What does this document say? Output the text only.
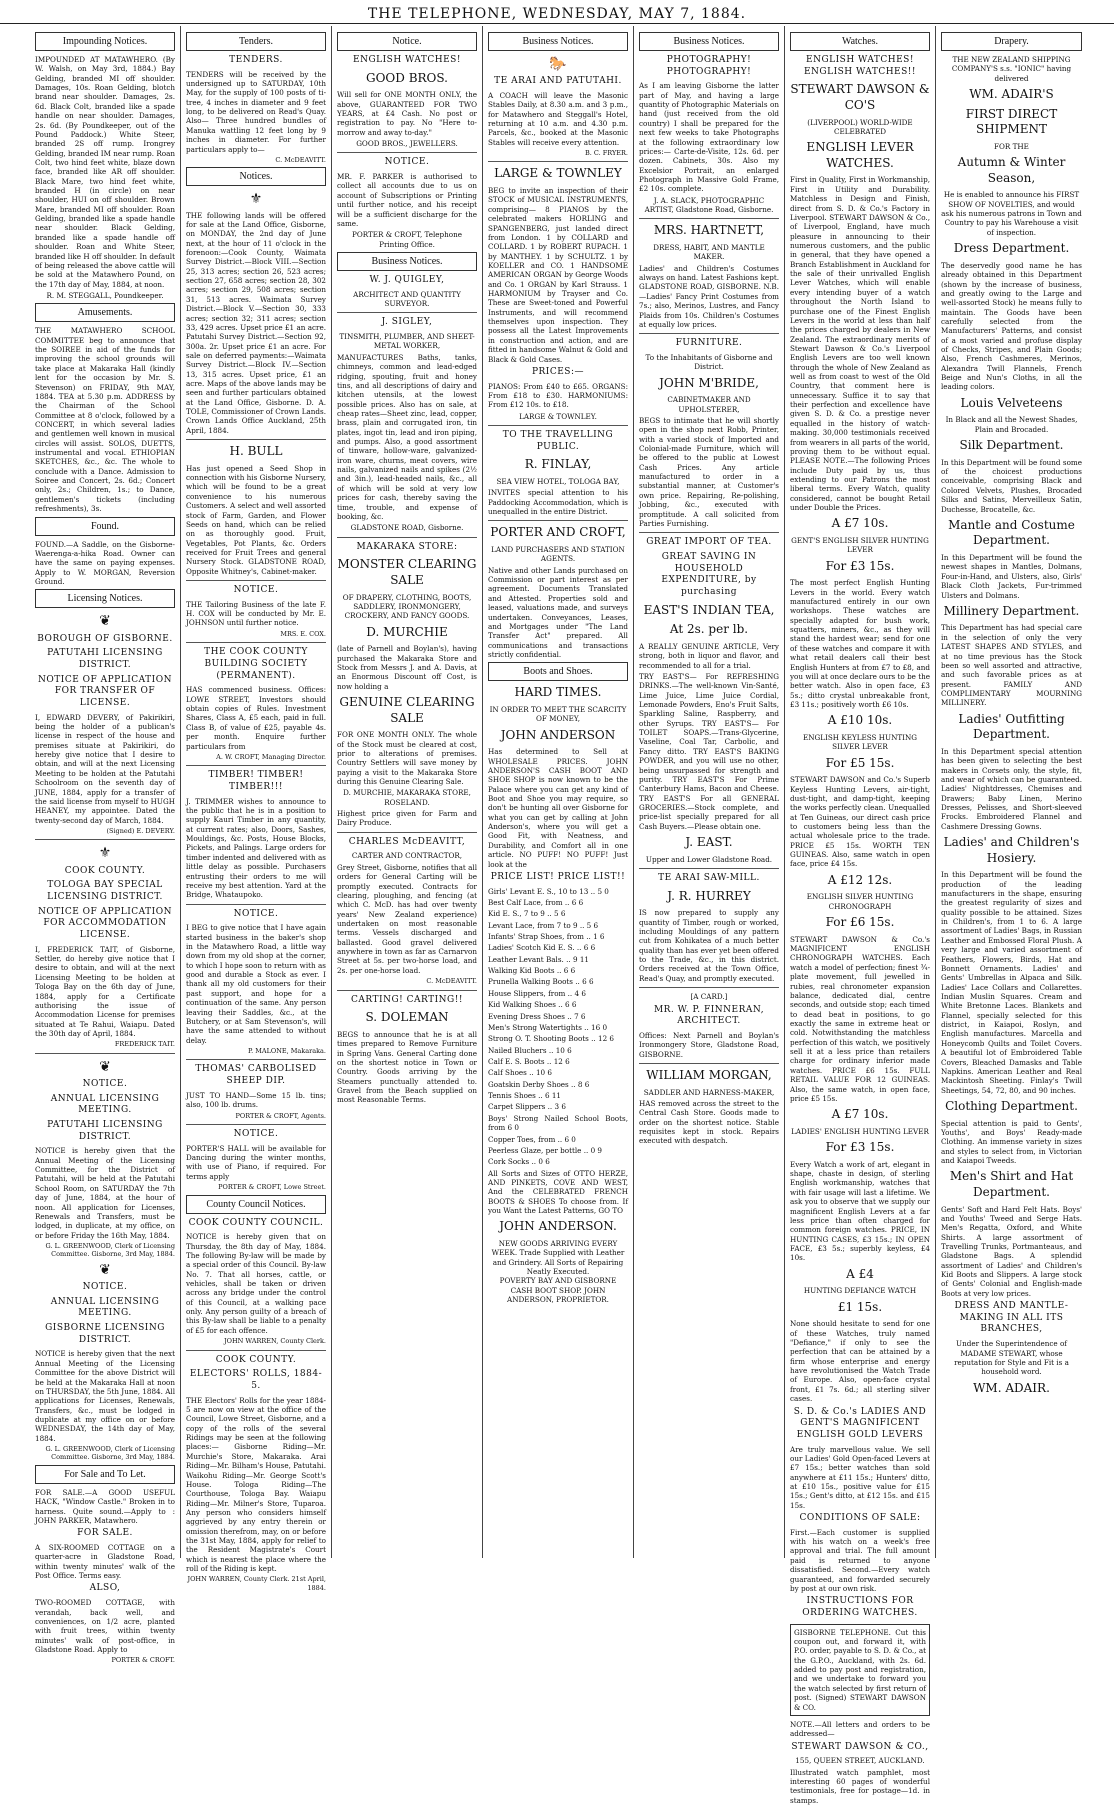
THE TELEPHONE, WEDNESDAY, MAY 7, 1884.
Impounding Notices.
IMPOUNDED AT MATAWHERO. (By W. Walsh, on May 3rd, 1884.) Bay Gelding, branded MI off shoulder. Damages, 10s. Roan Gelding, blotch brand near shoulder. Damages, 2s. 6d. Black Colt, branded like a spade handle on near shoulder. Damages, 2s. 6d. (By Poundkeeper, out of the Pound Paddock.) White Steer, branded 2S off rump. Irongrey Gelding, branded IM near rump. Roan Colt, two hind feet white, blaze down face, branded like AR off shoulder. Black Mare, two hind feet white, branded H (in circle) on near shoulder, HUI on off shoulder. Brown Mare, branded MI off shoulder. Roan Gelding, branded like a spade handle near shoulder. Black Gelding, branded like a spade handle off shoulder. Roan and White Steer, branded like H off shoulder. In default of being released the above cattle will be sold at the Matawhero Pound, on the 17th day of May, 1884, at noon.
R. M. STEGGALL, Poundkeeper.
Amusements.
THE MATAWHERO SCHOOL COMMITTEE beg to announce that the SOIREE in aid of the funds for improving the school grounds will take place at Makaraka Hall (kindly lent for the occasion by Mr. S. Stevenson) on FRIDAY, 9th MAY, 1884. TEA at 5.30 p.m. ADDRESS by the Chairman of the School Committee at 8 o'clock, followed by a CONCERT, in which several ladies and gentlemen well known in musical circles will assist. SOLOS, DUETTS, instrumental and vocal. ETHIOPIAN SKETCHES, &c., &c. The whole to conclude with a Dance. Admission to Soiree and Concert, 2s. 6d.; Concert only, 2s.; Children, 1s.; to Dance, gentlemen's tickets (including refreshments), 3s.
Found.
FOUND.—A Saddle, on the Gisborne-Waerenga-a-hika Road. Owner can have the same on paying expenses. Apply to W. MORGAN, Reversion Ground.
Licensing Notices.
❦
BOROUGH OF GISBORNE.
PATUTAHI LICENSING DISTRICT.
NOTICE OF APPLICATION FOR TRANSFER OF LICENSE.
I, EDWARD DEVERY, of Pakirikiri, being the holder of a publican's license in respect of the house and premises situate at Pakirikiri, do hereby give notice that I desire to obtain, and will at the next Licensing Meeting to be holden at the Patutahi Schoolroom on the seventh day of JUNE, 1884, apply for a transfer of the said license from myself to HUGH HEANEY, my appointee. Dated the twenty-second day of March, 1884.
(Signed) E. DEVERY.
⚜
COOK COUNTY.
TOLOGA BAY SPECIAL LICENSING DISTRICT.
NOTICE OF APPLICATION FOR ACCOMMODATION LICENSE.
I, FREDERICK TAIT, of Gisborne, Settler, do hereby give notice that I desire to obtain, and will at the next Licensing Meeting to be holden at Tologa Bay on the 6th day of June, 1884, apply for a Certificate authorising the issue of Accommodation License for premises situated at Te Rahui, Waiapu. Dated the 30th day of April, 1884.
FREDERICK TAIT.
❦
NOTICE.
ANNUAL LICENSING MEETING.
PATUTAHI LICENSING DISTRICT.
NOTICE is hereby given that the Annual Meeting of the Licensing Committee, for the District of Patutahi, will be held at the Patutahi School Room, on SATURDAY the 7th day of June, 1884, at the hour of noon. All application for Licenses, Renewals and Transfers, must be lodged, in duplicate, at my office, on or before Friday the 16th May, 1884.
G. L. GREENWOOD, Clerk of Licensing Committee. Gisborne, 3rd May, 1884.
❦
NOTICE.
ANNUAL LICENSING MEETING.
GISBORNE LICENSING DISTRICT.
NOTICE is hereby given that the next Annual Meeting of the Licensing Committee for the above District will be held at the Makaraka Hall at noon on THURSDAY, the 5th June, 1884. All applications for Licenses, Renewals, Transfers, &c., must be lodged in duplicate at my office on or before WEDNESDAY, the 14th day of May, 1884.
G. L. GREENWOOD, Clerk of Licensing Committee. Gisborne, 3rd May, 1884.
For Sale and To Let.
FOR SALE.—A GOOD USEFUL HACK, "Window Castle." Broken in to harness. Quite sound.—Apply to : JOHN PARKER, Matawhero.
FOR SALE.
A SIX-ROOMED COTTAGE on a quarter-acre in Gladstone Road, within twenty minutes' walk of the Post Office. Terms easy.
ALSO,
TWO-ROOMED COTTAGE, with verandah, back well, and conveniences, on 1/2 acre, planted with fruit trees, within twenty minutes' walk of post-office, in Gladstone Road. Apply to
PORTER & CROFT.
Tenders.
TENDERS.
TENDERS will be received by the undersigned up to SATURDAY, 10th May, for the supply of 100 posts of ti-tree, 4 inches in diameter and 9 feet long, to be delivered on Read's Quay. Also— Three hundred bundles of Manuka wattling 12 feet long by 9 inches in diameter. For further particulars apply to—
C. McDEAVITT.
Notices.
⚜
THE following lands will be offered for sale at the Land Office, Gisborne, on MONDAY, the 2nd day of June next, at the hour of 11 o'clock in the forenoon:—Cook County, Waimata Survey District.—Block VIII.—Section 25, 313 acres; section 26, 523 acres; section 27, 658 acres; section 28, 302 acres; section 29, 508 acres; section 31, 513 acres. Waimata Survey District.—Block V.—Section 30, 333 acres; section 32; 311 acres; section 33, 429 acres. Upset price £1 an acre. Patutahi Survey District.—Section 92, 300a. 2r. Upset price £1 an acre. For sale on deferred payments:—Waimata Survey District.—Block IV.—Section 13, 315 acres. Upset price, £1 an acre. Maps of the above lands may be seen and further particulars obtained at the Land Office, Gisborne. D. A. TOLE, Commissioner of Crown Lands. Crown Lands Office Auckland, 25th April, 1884.
H. BULL
Has just opened a Seed Shop in connection with his Gisborne Nursery, which will be found to be a great convenience to his numerous Customers. A select and well assorted stock of Farm, Garden, and Flower Seeds on hand, which can be relied on as thoroughly good. Fruit, Vegetables, Pot Plants, &c. Orders received for Fruit Trees and general Nursery Stock. GLADSTONE ROAD, Opposite Whitney's, Cabinet-maker.
NOTICE.
THE Tailoring Business of the late F. H. COX will be conducted by Mr. E. JOHNSON until further notice.
MRS. E. COX.
THE COOK COUNTY BUILDING SOCIETY (PERMANENT).
HAS commenced business. Offices: LOWE STREET, Investors should obtain copies of Rules. Investment Shares, Class A, £5 each, paid in full. Class B, of value of £25, payable 4s. per month. Enquire further particulars from
A. W. CROFT, Managing Director.
TIMBER! TIMBER! TIMBER!!!
J. TRIMMER wishes to announce to the public that he is in a position to supply Kauri Timber in any quantity, at current rates; also, Doors, Sashes, Mouldings, &c. Posts, House Blocks, Pickets, and Palings. Large orders for timber indented and delivered with as little delay as possible. Purchasers entrusting their orders to me will receive my best attention. Yard at the Bridge, Whataupoko.
NOTICE.
I BEG to give notice that I have again started business in the baker's shop in the Matawhero Road, a little way down from my old shop at the corner, to which I hope soon to return with as good and durable a Stock as ever. I thank all my old customers for their past support, and hope for a continuation of the same. Any person leaving their Saddles, &c., at the Butchery, or at Sam Stevenson's, will have the same attended to without delay.
P. MALONE, Makaraka.
THOMAS' CARBOLISED SHEEP DIP.
JUST TO HAND—Some 15 lb. tins; also, 100 lb. drums.
PORTER & CROFT, Agents.
NOTICE.
PORTER'S HALL will be available for Dancing during the winter months, with use of Piano, if required. For terms apply
PORTER & CROFT, Lowe Street.
County Council Notices.
COOK COUNTY COUNCIL.
NOTICE is hereby given that on Thursday, the 8th day of May, 1884. The following By-law will be made by a special order of this Council. By-law No. 7. That all horses, cattle, or vehicles, shall be taken or driven across any bridge under the control of this Council, at a walking pace only. Any person guilty of a breach of this By-law shall be liable to a penalty of £5 for each offence.
JOHN WARREN, County Clerk.
COOK COUNTY.
ELECTORS' ROLLS, 1884-5.
THE Electors' Rolls for the year 1884-5 are now on view at the office of the Council, Lowe Street, Gisborne, and a copy of the rolls of the several Ridings may be seen at the following places:— Gisborne Riding—Mr. Murchie's Store, Makaraka. Arai Riding—Mr. Bilham's House, Patutahi. Waikohu Riding—Mr. George Scott's House. Tologa Riding—The Courthouse, Tologa Bay. Waiapu Riding—Mr. Milner's Store, Tuparoa. Any person who considers himself aggrieved by any entry therein or omission therefrom, may, on or before the 31st May, 1884, apply for relief to the Resident Magistrate's Court which is nearest the place where the roll of the Riding is kept.
JOHN WARREN, County Clerk. 21st April, 1884.
Notice.
ENGLISH WATCHES!
GOOD BROS.
Will sell for ONE MONTH ONLY, the above, GUARANTEED FOR TWO YEARS, at £4 Cash. No post or registration to pay. No "Here to-morrow and away to-day."
GOOD BROS., JEWELLERS.
NOTICE.
MR. F. PARKER is authorised to collect all accounts due to us on account of Subscriptions or Printing until further notice, and his receipt will be a sufficient discharge for the same.
PORTER & CROFT, Telephone Printing Office.
Business Notices.
W. J. QUIGLEY,
ARCHITECT AND QUANTITY SURVEYOR.
J. SIGLEY,
TINSMITH, PLUMBER, AND SHEET-METAL WORKER,
MANUFACTURES Baths, tanks, chimneys, common and lead-edged ridging, spouting, fruit and honey tins, and all descriptions of dairy and kitchen utensils, at the lowest possible prices. Also has on sale, at cheap rates—Sheet zinc, lead, copper, brass, plain and corrugated iron, tin plates, ingot tin, lead and iron piping, and pumps. Also, a good assortment of tinware, hollow-ware, galvanized-iron ware, churns, meat covers, wire nails, galvanized nails and spikes (2½ and 3in.), lead-headed nails, &c., all of which will be sold at very low prices for cash, thereby saving the time, trouble, and expense of booking, &c.
GLADSTONE ROAD, Gisborne.
MAKARAKA STORE:
MONSTER CLEARING SALE
OF DRAPERY, CLOTHING, BOOTS, SADDLERY, IRONMONGERY, CROCKERY, AND FANCY GOODS.
D. MURCHIE
(late of Parnell and Boylan's), having purchased the Makaraka Store and Stock from Messrs J. and A. Davis, at an Enormous Discount off Cost, is now holding a
GENUINE CLEARING SALE
FOR ONE MONTH ONLY. The whole of the Stock must be cleared at cost, prior to alterations of premises. Country Settlers will save money by paying a visit to the Makaraka Store during this Genuine Clearing Sale.
D. MURCHIE, MAKARAKA STORE, ROSELAND.
Highest price given for Farm and Dairy Produce.
CHARLES McDEAVITT,
CARTER AND CONTRACTOR,
Grey Street, Gisborne, notifies that all orders for General Carting will be promptly executed. Contracts for clearing, ploughing, and fencing (at which C. McD. has had over twenty years' New Zealand experience) undertaken on most reasonable terms. Vessels discharged and ballasted. Good gravel delivered anywhere in town as far as Carnarvon Street at 5s. per two-horse load, and 2s. per one-horse load.
C. McDEAVITT.
CARTING! CARTING!!
S. DOLEMAN
BEGS to announce that he is at all times prepared to Remove Furniture in Spring Vans. General Carting done on the shortest notice in Town or Country. Goods arriving by the Steamers punctually attended to. Gravel from the Beach supplied on most Reasonable Terms.
Business Notices.
🐎
TE ARAI AND PATUTAHI.
A COACH will leave the Masonic Stables Daily, at 8.30 a.m. and 3 p.m., for Matawhero and Steggall's Hotel, returning at 10 a.m. and 4.30 p.m. Parcels, &c., booked at the Masonic Stables will receive every attention.
B. C. FRYER.
LARGE & TOWNLEY
BEG to invite an inspection of their STOCK of MUSICAL INSTRUMENTS, comprising— 8 PIANOS by the celebrated makers HORLING and SPANGENBERG, just landed direct from London. 1 by COLLARD and COLLARD. 1 by ROBERT RUPACH. 1 by MANTHEY. 1 by SCHULTZ. 1 by KOELLER and CO. 1 HANDSOME AMERICAN ORGAN by George Woods and Co. 1 ORGAN by Karl Strauss. 1 HARMONIUM by Trayser and Co. These are Sweet-toned and Powerful Instruments, and will recommend themselves upon inspection. They possess all the Latest Improvements in construction and action, and are fitted in handsome Walnut & Gold and Black & Gold Cases.
PRICES:—
PIANOS: From £40 to £65. ORGANS: From £18 to £30. HARMONIUMS: From £12 10s. to £18.
LARGE & TOWNLEY.
TO THE TRAVELLING PUBLIC.
R. FINLAY,
SEA VIEW HOTEL, TOLOGA BAY,
INVITES special attention to his Paddocking Accommodation, which is unequalled in the entire District.
PORTER AND CROFT,
LAND PURCHASERS AND STATION AGENTS.
Native and other Lands purchased on Commission or part interest as per agreement. Documents Translated and Attested. Properties sold and leased, valuations made, and surveys undertaken. Conveyances, Leases, and Mortgages under "The Land Transfer Act" prepared. All communications and transactions strictly confidential.
Boots and Shoes.
HARD TIMES.
IN ORDER TO MEET THE SCARCITY OF MONEY,
JOHN ANDERSON
Has determined to Sell at WHOLESALE PRICES. JOHN ANDERSON'S CASH BOOT AND SHOE SHOP is now known to be the Palace where you can get any kind of Boot and Shoe you may require, so don't be hunting all over Gisborne for what you can get by calling at John Anderson's, where you will get a Good Fit, with Neatness, and Durability, and Comfort all in one article. NO PUFF! NO PUFF! Just look at the
PRICE LIST! PRICE LIST!!
Girls' Levant E. S., 10 to 13 .. 5 0
Best Calf Lace, from .. 6 6
Kid E. S., 7 to 9 .. 5 6
Levant Lace, from 7 to 9 .. 5 6
Infants' Strap Shoes, from .. 1 6
Ladies' Scotch Kid E. S. .. 6 6
Leather Levant Bals. .. 9 11
Walking Kid Boots .. 6 6
Prunella Walking Boots .. 6 6
House Slippers, from .. 4 6
Kid Walking Shoes .. 6 6
Evening Dress Shoes .. 7 6
Men's Strong Watertights .. 16 0
Strong O. T. Shooting Boots .. 12 6
Nailed Bluchers .. 10 6
Calf E. S. Boots .. 12 6
Calf Shoes .. 10 6
Goatskin Derby Shoes .. 8 6
Tennis Shoes .. 6 11
Carpet Slippers .. 3 6
Boys' Strong Nailed School Boots, from 6 0
Copper Toes, from .. 6 0
Peerless Glaze, per bottle .. 0 9
Cork Socks .. 0 6
All Sorts and Sizes of OTTO HERZE, AND PINKETS, COVE AND WEST, And the CELEBRATED FRENCH BOOTS & SHOES To choose from. If you Want the Latest Patterns, GO TO
JOHN ANDERSON.
NEW GOODS ARRIVING EVERY WEEK. Trade Supplied with Leather and Grindery. All Sorts of Repairing Neatly Executed.
POVERTY BAY AND GISBORNE CASH BOOT SHOP. JOHN ANDERSON, PROPRIETOR.
Business Notices.
PHOTOGRAPHY! PHOTOGRAPHY!
As I am leaving Gisborne the latter part of May, and having a large quantity of Photographic Materials on hand (just received from the old country) I shall be prepared for the next few weeks to take Photographs at the following extraordinary low prices:— Carte-de-Visite, 12s. 6d. per dozen. Cabinets, 30s. Also my Excelsior Portrait, an enlarged Photograph in Massive Gold Frame, £2 10s. complete.
J. A. SLACK, PHOTOGRAPHIC ARTIST, Gladstone Road, Gisborne.
MRS. HARTNETT,
DRESS, HABIT, AND MANTLE MAKER.
Ladies' and Children's Costumes always on hand. Latest Fashions kept. GLADSTONE ROAD, GISBORNE. N.B.—Ladies' Fancy Print Costumes from 7s.; also, Merinos, Lustres, and Fancy Plaids from 10s. Children's Costumes at equally low prices.
FURNITURE.
To the Inhabitants of Gisborne and District.
JOHN M'BRIDE,
CABINETMAKER AND UPHOLSTERER,
BEGS to intimate that he will shortly open in the shop next Robb, Printer, with a varied stock of Imported and Colonial-made Furniture, which will be offered to the public at Lowest Cash Prices. Any article manufactured to order in a substantial manner, at Customer's own price. Repairing, Re-polishing, Jobbing, &c., executed with promptitude. A call solicited from Parties Furnishing.
GREAT IMPORT OF TEA.
GREAT SAVING IN HOUSEHOLD EXPENDITURE, by purchasing
EAST'S INDIAN TEA,
At 2s. per lb.
A REALLY GENUINE ARTICLE, Very strong, both in liquor and flavor, and recommended to all for a trial.
TRY EAST'S— For REFRESHING DRINKS.—The well-known Vin-Santé, Lime Juice, Lime Juice Cordial, Lemonade Powders, Eno's Fruit Salts, Sparkling Saline, Raspberry, and other Syrups. TRY EAST'S— For TOILET SOAPS.—Trans-Glycerine, Vaseline, Coal Tar, Carbolic, and Fancy ditto. TRY EAST'S BAKING POWDER, and you will use no other, being unsurpassed for strength and purity. TRY EAST'S For Prime Canterbury Hams, Bacon and Cheese. TRY EAST'S For all GENERAL GROCERIES.—Stock complete, and price-list specially prepared for all Cash Buyers.—Please obtain one.
J. EAST.
Upper and Lower Gladstone Road.
TE ARAI SAW-MILL.
J. R. HURREY
IS now prepared to supply any quantity of Timber, rough or worked, including Mouldings of any pattern cut from Kohikatea of a much better quality than has ever yet been offered to the Trade, &c., in this district. Orders received at the Town Office, Read's Quay, and promptly executed.
[A CARD.]
MR. W. P. FINNERAN, ARCHITECT.
Offices: Next Parnell and Boylan's Ironmongery Store, Gladstone Road, GISBORNE.
WILLIAM MORGAN,
SADDLER AND HARNESS-MAKER,
HAS removed across the street to the Central Cash Store. Goods made to order on the shortest notice. Stable requisites kept in stock. Repairs executed with despatch.
Watches.
ENGLISH WATCHES! ENGLISH WATCHES!!
STEWART DAWSON & CO'S
(LIVERPOOL) WORLD-WIDE CELEBRATED
ENGLISH LEVER WATCHES.
First in Quality, First in Workmanship, First in Utility and Durability. Matchless in Design and Finish, direct from S. D. & Co.'s Factory in Liverpool. STEWART DAWSON & Co., of Liverpool, England, have much pleasure in announcing to their numerous customers, and the public in general, that they have opened a Branch Establishment in Auckland for the sale of their unrivalled English Lever Watches, which will enable every intending buyer of a watch throughout the North Island to purchase one of the Finest English Levers in the world at less than half the prices charged by dealers in New Zealand. The extraordinary merits of Stewart Dawson & Co.'s Liverpool English Levers are too well known through the whole of New Zealand as well as from coast to west of the Old Country, that comment here is unnecessary. Suffice it to say that their perfection and excellence have given S. D. & Co. a prestige never equalled in the history of watch-making. 30,000 testimonials received from wearers in all parts of the world, proving them to be without equal. PLEASE NOTE.—The following Prices include Duty paid by us, thus extending to our Patrons the most liberal terms. Every Watch, quality considered, cannot be bought Retail under Double the Prices.
A £7 10s.
GENT'S ENGLISH SILVER HUNTING LEVER
For £3 15s.
The most perfect English Hunting Levers in the world. Every watch manufactured entirely in our own workshops. These watches are specially adapted for bush work, squatters, miners, &c., as they will stand the hardest wear; send for one of these watches and compare it with what retail dealers call their best English Hunters at from £7 to £8, and you will at once declare ours to be the better watch. Also in open face, £3 5s.; ditto crystal unbreakable front, £3 11s.; positively worth £6 10s.
A £10 10s.
ENGLISH KEYLESS HUNTING SILVER LEVER
For £5 15s.
STEWART DAWSON and Co.'s Superb Keyless Hunting Levers, air-tight, dust-tight, and damp-tight, keeping the works perfectly clean. Unequalled at Ten Guineas, our direct cash price to customers being less than the actual wholesale price to the trade. PRICE £5 15s. WORTH TEN GUINEAS. Also, same watch in open face, price £4 15s.
A £12 12s.
ENGLISH SILVER HUNTING CHRONOGRAPH
For £6 15s.
STEWART DAWSON & Co.'s MAGNIFICENT ENGLISH CHRONOGRAPH WATCHES. Each watch a model of perfection; finest ¾-plate movement, full jewelled in rubies, real chronometer expansion balance, dedicated dial, centre seconds, and outside stop; each timed to dead beat in positions, to go exactly the same in extreme heat or cold. Notwithstanding the matchless perfection of this watch, we positively sell it at a less price than retailers charge for ordinary inferior made watches. PRICE £6 15s. FULL RETAIL VALUE FOR 12 GUINEAS. Also, the same watch, in open face, price £5 15s.
A £7 10s.
LADIES' ENGLISH HUNTING LEVER
For £3 15s.
Every Watch a work of art, elegant in shape, chaste in design, of sterling English workmanship, watches that with fair usage will last a lifetime. We ask you to observe that we supply our magnificent English Levers at a far less price than often charged for common foreign watches. PRICE, IN HUNTING CASES, £3 15s.; IN OPEN FACE, £3 5s.; superbly keyless, £4 10s.
A £4
HUNTING DEFIANCE WATCH
£1 15s.
None should hesitate to send for one of these Watches, truly named "Defiance," if only to see the perfection that can be attained by a firm whose enterprise and energy have revolutionised the Watch Trade of Europe. Also, open-face crystal front, £1 7s. 6d.; all sterling silver cases.
S. D. & Co.'s LADIES AND GENT'S MAGNIFICENT ENGLISH GOLD LEVERS
Are truly marvellous value. We sell our Ladies' Gold Open-faced Levers at £7 15s.; better watches than sold anywhere at £11 15s.; Hunters' ditto, at £10 15s., positive value for £15 15s.; Gent's ditto, at £12 15s. and £15 15s.
CONDITIONS OF SALE:
First.—Each customer is supplied with his watch on a week's free approval and trial. The full amount paid is returned to anyone dissatisfied. Second.—Every watch guaranteed, and forwarded securely by post at our own risk.
INSTRUCTIONS FOR ORDERING WATCHES.
GISBORNE TELEPHONE. Cut this coupon out, and forward it, with P.O. order, payable to S. D. & Co., at the G.P.O., Auckland, with 2s. 6d. added to pay post and registration, and we undertake to forward you the watch selected by first return of post. (Signed) STEWART DAWSON & CO.
NOTE.—All letters and orders to be addressed—
STEWART DAWSON & CO.,
155, QUEEN STREET, AUCKLAND.
Illustrated watch pamphlet, most interesting 60 pages of wonderful testimonials, free for postage—1d. in stamps.
Drapery.
THE NEW ZEALAND SHIPPING COMPANY'S s.s. "IONIC" having delivered
WM. ADAIR'S
FIRST DIRECT SHIPMENT
FOR THE
Autumn & Winter Season,
He is enabled to announce his FIRST SHOW OF NOVELTIES, and would ask his numerous patrons in Town and Country to pay his Warehouse a visit of inspection.
Dress Department.
The deservedly good name he has already obtained in this Department (shown by the increase of business, and greatly owing to the Large and well-assorted Stock) he means fully to maintain. The Goods have been carefully selected from the Manufacturers' Patterns, and consist of a most varied and profuse display of Checks, Stripes, and Plain Goods; Also, French Cashmeres, Merinos, Alexandra Twill Flannels, French Beige and Nun's Cloths, in all the leading colors.
Louis Velveteens
In Black and all the Newest Shades, Plain and Brocaded.
Silk Department.
In this Department will be found some of the choicest productions conceivable, comprising Black and Colored Velvets, Plushes, Brocaded Silks and Satins, Merveilleux Satin, Duchesse, Brocatelle, &c.
Mantle and Costume Department.
In this Department will be found the newest shapes in Mantles, Dolmans, Four-in-Hand, and Ulsters, also, Girls' Black Cloth Jackets, Fur-trimmed Ulsters and Dolmans.
Millinery Department.
This Department has had special care in the selection of only the very LATEST SHAPES AND STYLES, and at no time previous has the Stock been so well assorted and attractive, and such favorable prices as at present. FAMILY AND COMPLIMENTARY MOURNING MILLINERY.
Ladies' Outfitting Department.
In this Department special attention has been given to selecting the best makers in Corsets only, the style, fit, and wear of which can be guaranteed. Ladies' Nightdresses, Chemises and Drawers; Baby Linen, Merino Dresses, Pelisses, and Short-sleeved Frocks. Embroidered Flannel and Cashmere Dressing Gowns.
Ladies' and Children's Hosiery.
In this Department will be found the production of the leading manufacturers in the shape, ensuring the greatest regularity of sizes and quality possible to be attained. Sizes in Children's, from 1 to 6. A large assortment of Ladies' Bags, in Russian Leather and Embossed Floral Plush. A very large and varied assortment of Feathers, Flowers, Birds, Hat and Bonnett Ornaments. Ladies' and Gents' Umbrellas in Alpaca and Silk. Ladies' Lace Collars and Collarettes. Indian Muslin Squares. Cream and White Bretonne Laces. Blankets and Flannel, specially selected for this district, in Kaiapoi, Roslyn, and English manufactures. Marcella and Honeycomb Quilts and Toilet Covers. A beautiful lot of Embroidered Table Covers, Bleached Damasks and Table Napkins. American Leather and Real Mackintosh Sheeting. Finlay's Twill Sheetings, 54, 72, 80, and 90 inches.
Clothing Department.
Special attention is paid to Gents', Youths', and Boys' Ready-made Clothing. An immense variety in sizes and styles to select from, in Victorian and Kaiapoi Tweeds.
Men's Shirt and Hat Department.
Gents' Soft and Hard Felt Hats. Boys' and Youths' Tweed and Serge Hats. Men's Regatta, Oxford, and White Shirts. A large assortment of Travelling Trunks, Portmanteaus, and Gladstone Bags. A splendid assortment of Ladies' and Children's Kid Boots and Slippers. A large stock of Gents' Colonial and English-made Boots at very low prices.
DRESS AND MANTLE-MAKING IN ALL ITS BRANCHES,
Under the Superintendence of MADAME STEWART, whose reputation for Style and Fit is a household word.
WM. ADAIR.
